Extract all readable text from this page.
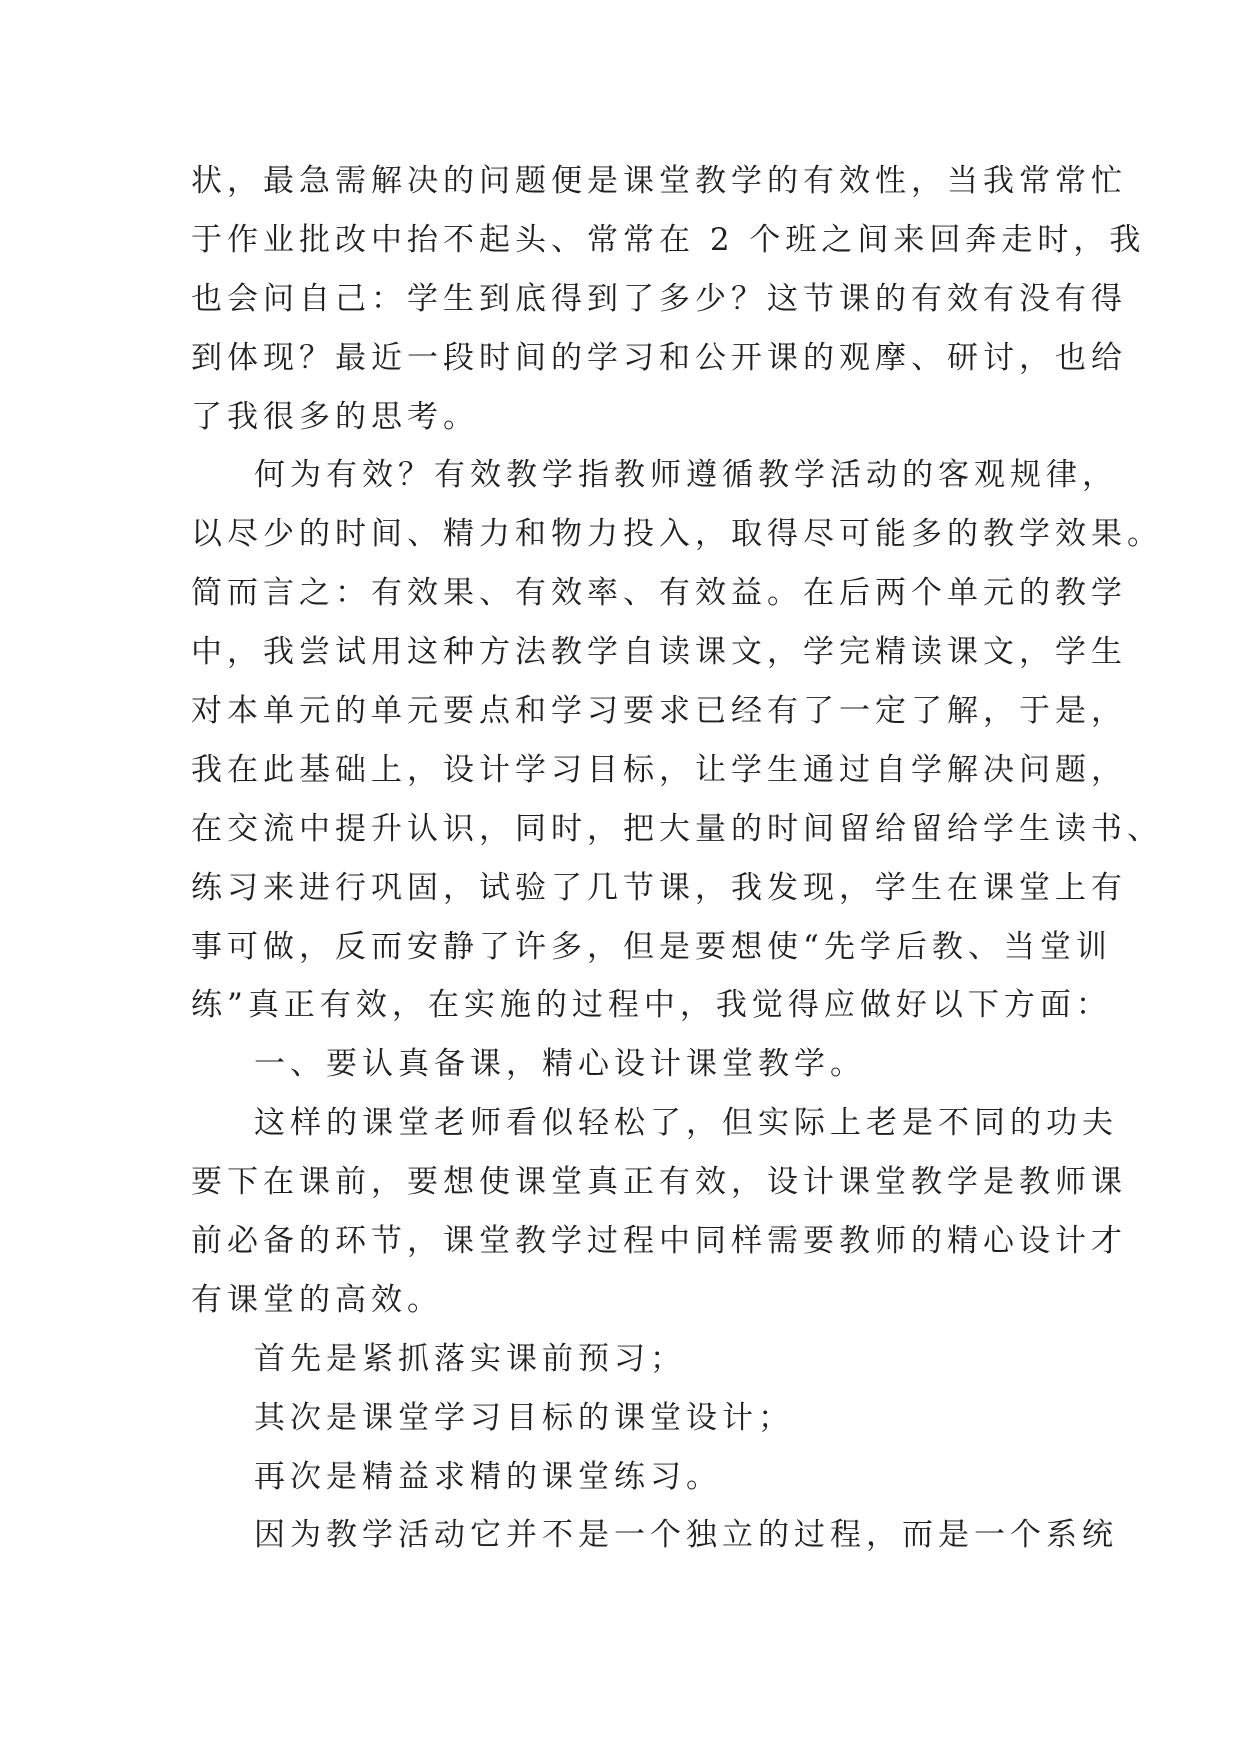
状，最急需解决的问题便是课堂教学的有效性，当我常常忙
于作业批改中抬不起头、常常在 2 个班之间来回奔走时，我
也会问自己：学生到底得到了多少？这节课的有效有没有得
到体现？最近一段时间的学习和公开课的观摩、研讨，也给
了我很多的思考。
何为有效？有效教学指教师遵循教学活动的客观规律，
以尽少的时间、精力和物力投入，取得尽可能多的教学效果。
简而言之：有效果、有效率、有效益。在后两个单元的教学
中，我尝试用这种方法教学自读课文，学完精读课文，学生
对本单元的单元要点和学习要求已经有了一定了解，于是，
我在此基础上，设计学习目标，让学生通过自学解决问题，
在交流中提升认识，同时，把大量的时间留给留给学生读书、
练习来进行巩固，试验了几节课，我发现，学生在课堂上有
事可做，反而安静了许多，但是要想使“先学后教、当堂训
练”真正有效，在实施的过程中，我觉得应做好以下方面：
一、要认真备课，精心设计课堂教学。
这样的课堂老师看似轻松了，但实际上老是不同的功夫
要下在课前，要想使课堂真正有效，设计课堂教学是教师课
前必备的环节，课堂教学过程中同样需要教师的精心设计才
有课堂的高效。
首先是紧抓落实课前预习；
其次是课堂学习目标的课堂设计；
再次是精益求精的课堂练习。
因为教学活动它并不是一个独立的过程，而是一个系统
